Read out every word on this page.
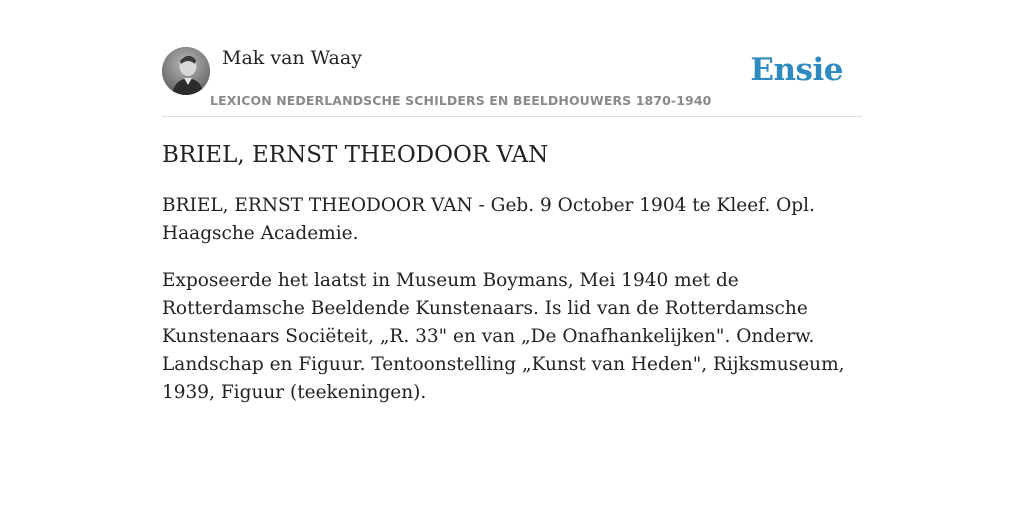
Mak van Waay
LEXICON NEDERLANDSCHE SCHILDERS EN BEELDHOUWERS 1870-1940
Ensie
BRIEL, ERNST THEODOOR VAN

BRIEL, ERNST THEODOOR VAN - Geb. 9 October 1904 te Kleef. Opl. Haagsche Academie.

Exposeerde het laatst in Museum Boymans, Mei 1940 met de Rotterdamsche Beeldende Kunstenaars. Is lid van de Rotterdamsche Kunstenaars Sociëteit, „R. 33" en van „De Onafhankelijken". Onderw. Landschap en Figuur. Tentoonstelling „Kunst van Heden", Rijksmuseum, 1939, Figuur (teekeningen).
